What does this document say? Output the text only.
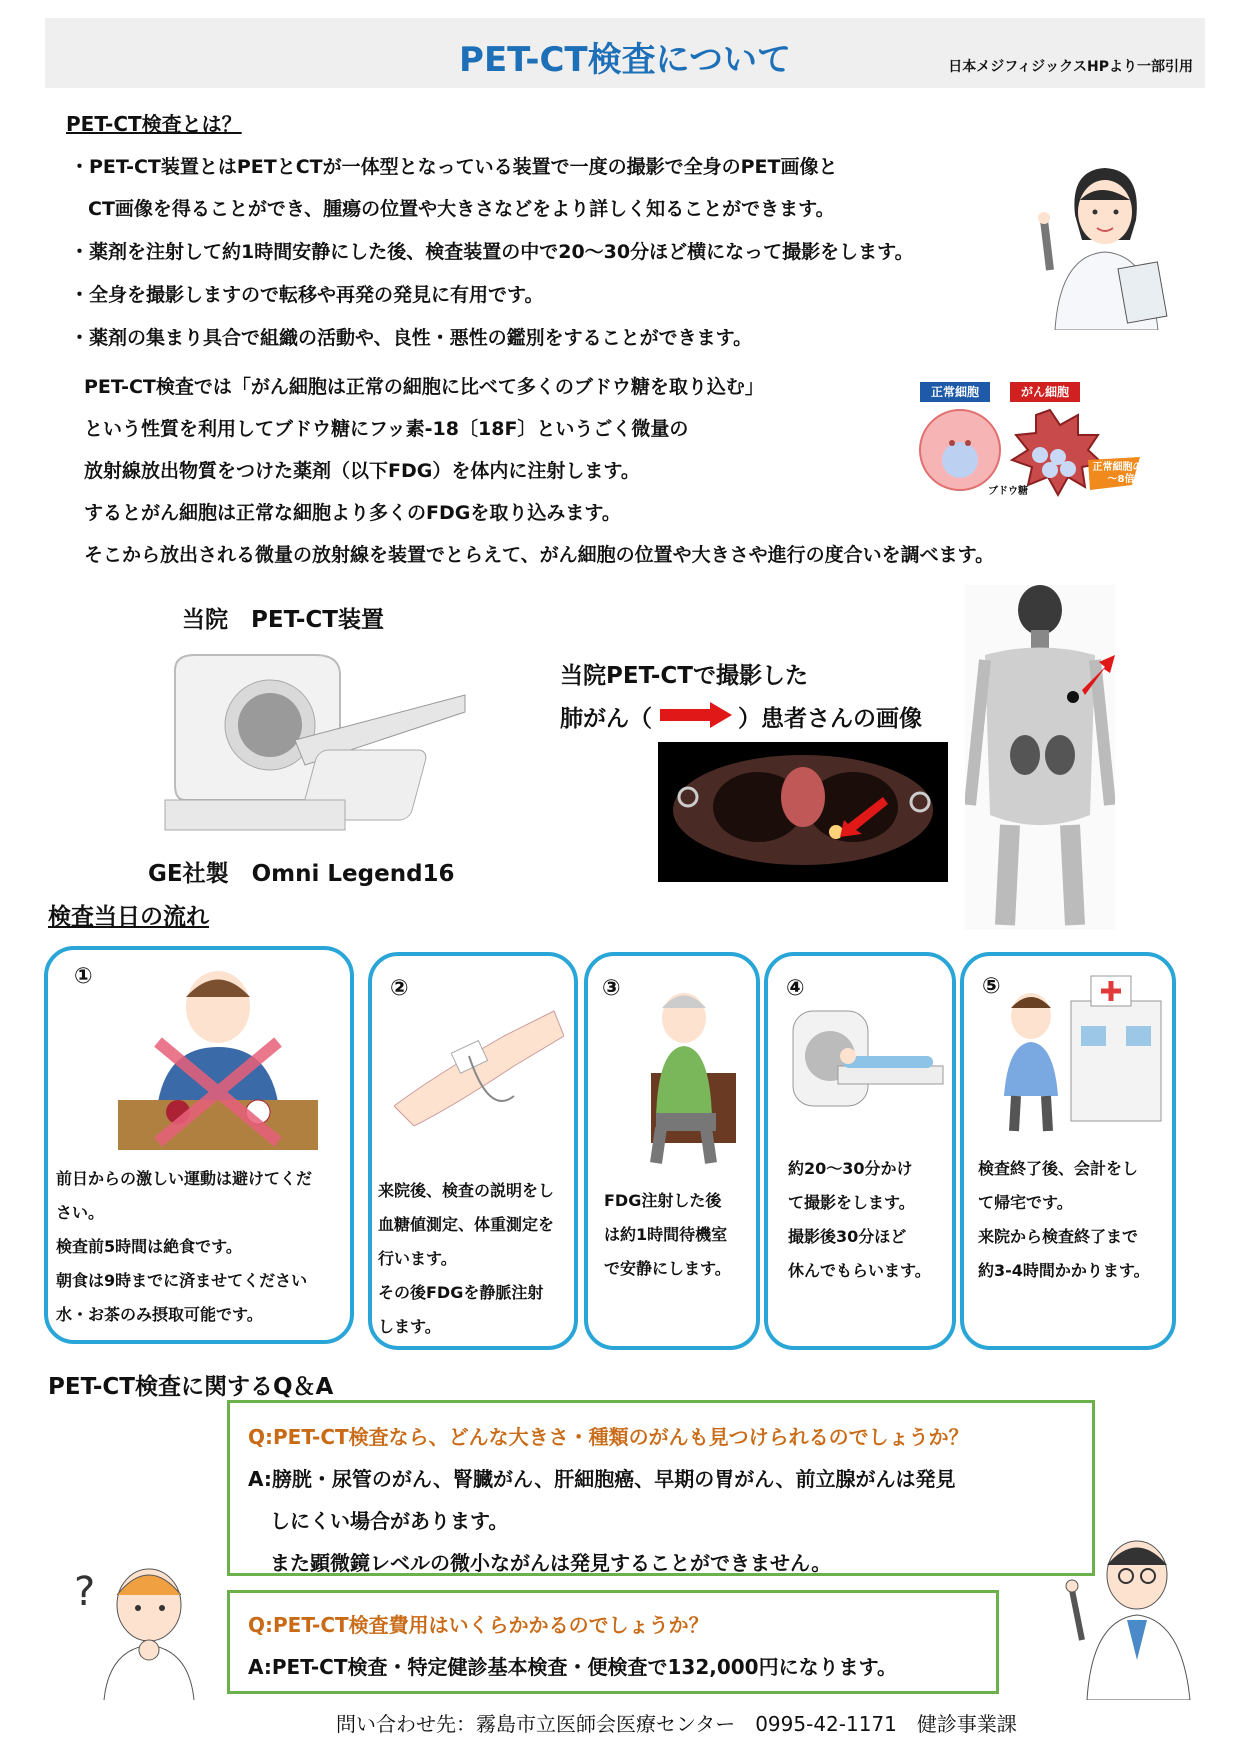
PET-CT検査について	日本メジフィジックスHPより一部引用
PET-CT検査とは？
・PET-CT装置とはPETとCTが一体型となっている装置で一度の撮影で全身のPET画像と
CT画像を得ることができ、腫瘍の位置や大きさなどをより詳しく知ることができます。
・薬剤を注射して約1時間安静にした後、検査装置の中で20～30分ほど横になって撮影をします。
・全身を撮影しますので転移や再発の発見に有用です。
・薬剤の集まり具合で組織の活動や、良性・悪性の鑑別をすることができます。
PET-CT検査では「がん細胞は正常の細胞に比べて多くのブドウ糖を取り込む」
という性質を利用してブドウ糖にフッ素-18〔18F〕というごく微量の
放射線放出物質をつけた薬剤（以下FDG）を体内に注射します。
するとがん細胞は正常な細胞より多くのFDGを取り込みます。
そこから放出される微量の放射線を装置でとらえて、がん細胞の位置や大きさや進行の度合いを調べます。
正常細胞	がん細胞
ブドウ糖
正常細胞の3～8倍
当院　PET-CT装置
GE社製　Omni Legend16
当院PET-CTで撮影した
肺がん（	）患者さんの画像
検査当日の流れ
①
前日からの激しい運動は避けてくだ
さい。
検査前5時間は絶食です。
朝食は9時までに済ませてください
水・お茶のみ摂取可能です。
②
来院後、検査の説明をし
血糖値測定、体重測定を
行います。
その後FDGを静脈注射
します。
③
FDG注射した後
は約1時間待機室
で安静にします。
④
約20～30分かけ
て撮影をします。
撮影後30分ほど
休んでもらいます。
⑤
検査終了後、会計をし
て帰宅です。
来院から検査終了まで
約3-4時間かかります。
PET-CT検査に関するQ＆A
Q:PET-CT検査なら、どんな大きさ・種類のがんも見つけられるのでしょうか？
A:膀胱・尿管のがん、腎臓がん、肝細胞癌、早期の胃がん、前立腺がんは発見
しにくい場合があります。
また顕微鏡レベルの微小ながんは発見することができません。
Q:PET-CT検査費用はいくらかかるのでしょうか？
A:PET-CT検査・特定健診基本検査・便検査で132,000円になります。
?
問い合わせ先：霧島市立医師会医療センター　0995-42-1171　健診事業課
